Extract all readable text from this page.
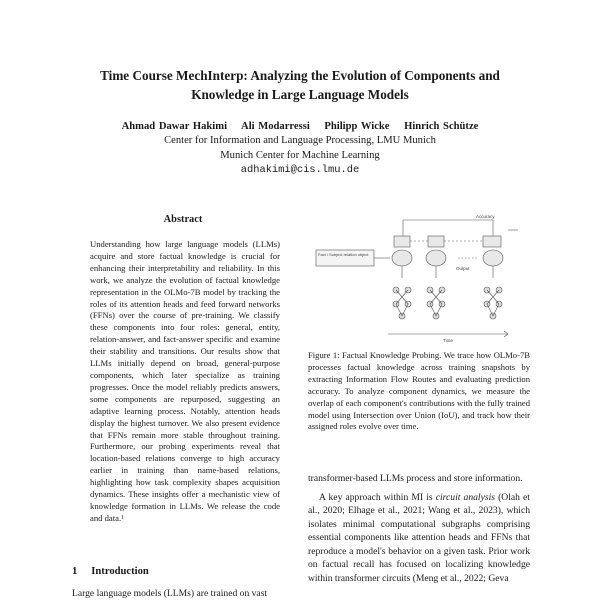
Time Course MechInterp: Analyzing the Evolution of Components and
Knowledge in Large Language Models
Ahmad Dawar Hakimi Ali Modarressi Philipp Wicke Hinrich Schütze
Center for Information and Language Processing, LMU Munich
Munich Center for Machine Learning
adhakimi@cis.lmu.de
Abstract
Understanding how large language models (LLMs) acquire and store factual knowledge is crucial for enhancing their interpretability and reliability. In this work, we analyze the evolution of factual knowledge representation in the OLMo-7B model by tracking the roles of its attention heads and feed forward networks (FFNs) over the course of pre-training. We classify these components into four roles: general, entity, relation-answer, and fact-answer specific and examine their stability and transitions. Our results show that LLMs initially depend on broad, general-purpose components, which later specialize as training progresses. Once the model reliably predicts answers, some components are repurposed, suggesting an adaptive learning process. Notably, attention heads display the highest turnover. We also present evidence that FFNs remain more stable throughout training. Furthermore, our probing experiments reveal that location-based relations converge to high accuracy earlier in training than name-based relations, highlighting how task complexity shapes acquisition dynamics. These insights offer a mechanistic view of knowledge formation in LLMs. We release the code and data.¹
1 Introduction
Large language models (LLMs) are trained on vast
Accuracy
Fact / Subject relation object
Output
Time
Figure 1: Factual Knowledge Probing. We trace how OLMo-7B processes factual knowledge across training snapshots by extracting Information Flow Routes and evaluating prediction accuracy. To analyze component dynamics, we measure the overlap of each component's contributions with the fully trained model using Intersection over Union (IoU), and track how their assigned roles evolve over time.

transformer-based LLMs process and store information.

A key approach within MI is circuit analysis (Olah et al., 2020; Elhage et al., 2021; Wang et al., 2023), which isolates minimal computational subgraphs comprising essential components like attention heads and FFNs that reproduce a model's behavior on a given task. Prior work on factual recall has focused on localizing knowledge within transformer circuits (Meng et al., 2022; Geva
